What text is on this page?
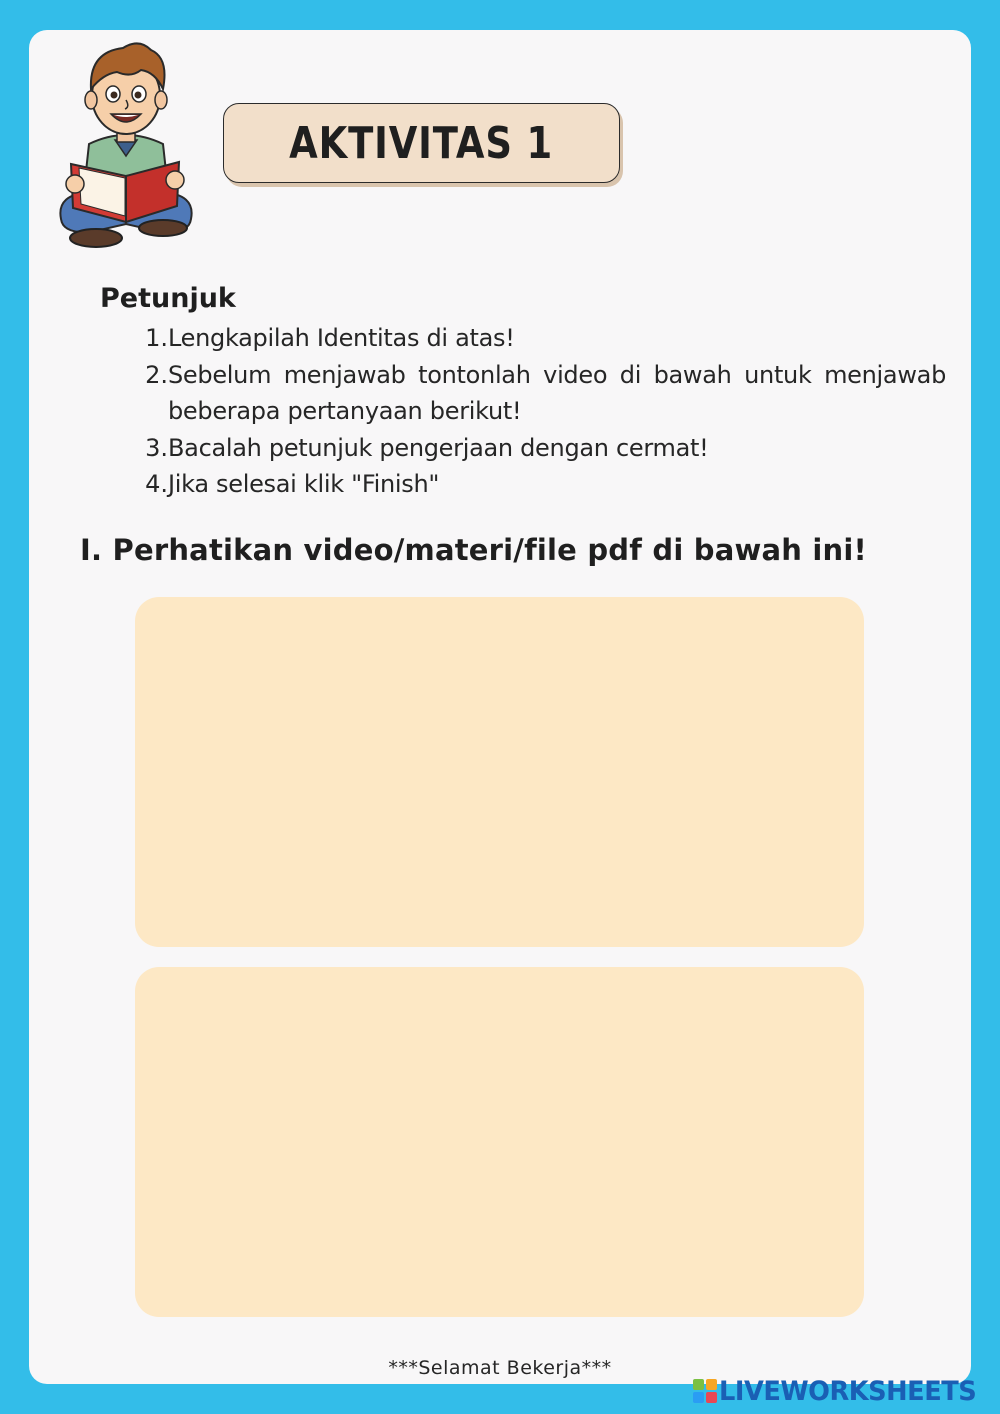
AKTIVITAS 1
Petunjuk
1. Lengkapilah Identitas di atas!
2. Sebelum menjawab tontonlah video di bawah untuk menjawab beberapa pertanyaan berikut!
3. Bacalah petunjuk pengerjaan dengan cermat!
4. Jika selesai klik "Finish"
I. Perhatikan video/materi/file pdf di bawah ini!
***Selamat Bekerja***
LIVEWORKSHEETS
